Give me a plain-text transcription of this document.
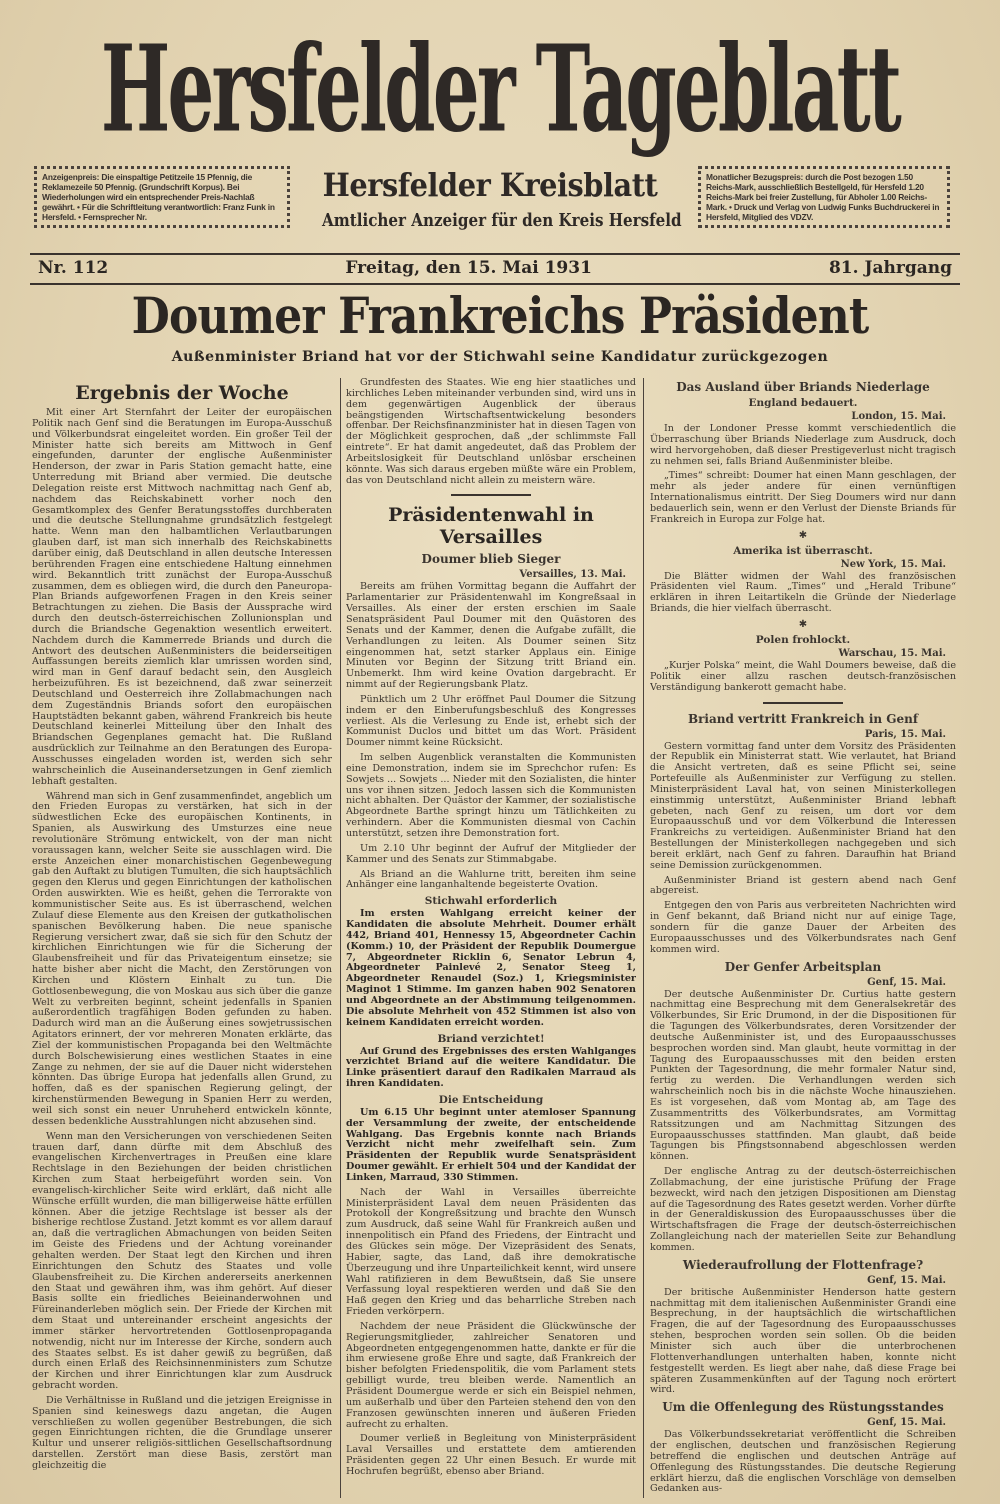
Hersfelder Tageblatt
Anzeigenpreis: Die einspaltige Petitzeile 15 Pfennig, die Reklamezeile 50 Pfennig. (Grundschrift Korpus). Bei Wiederholungen wird ein entsprechender Preis-Nachlaß gewährt. • Für die Schriftleitung verantwortlich: Franz Funk in Hersfeld. • Fernsprecher Nr.
Hersfelder Kreisblatt
Amtlicher Anzeiger für den Kreis Hersfeld
Monatlicher Bezugspreis: durch die Post bezogen 1.50 Reichs-Mark, ausschließlich Bestellgeld, für Hersfeld 1.20 Reichs-Mark bei freier Zustellung, für Abholer 1.00 Reichs-Mark. • Druck und Verlag von Ludwig Funks Buchdruckerei in Hersfeld, Mitglied des VDZV.
Nr. 112	Freitag, den 15. Mai 1931	81. Jahrgang
Doumer Frankreichs Präsident
Außenminister Briand hat vor der Stichwahl seine Kandidatur zurückgezogen
Ergebnis der Woche

Mit einer Art Sternfahrt der Leiter der europäischen Politik nach Genf sind die Beratungen im Europa-Ausschuß und Völkerbundsrat eingeleitet worden. Ein großer Teil der Minister hatte sich bereits am Mittwoch in Genf eingefunden, darunter der englische Außenminister Henderson, der zwar in Paris Station gemacht hatte, eine Unterredung mit Briand aber vermied. Die deutsche Delegation reiste erst Mittwoch nachmittag nach Genf ab, nachdem das Reichskabinett vorher noch den Gesamtkomplex des Genfer Beratungsstoffes durchberaten und die deutsche Stellungnahme grundsätzlich festgelegt hatte. Wenn man den halbamtlichen Verlautbarungen glauben darf, ist man sich innerhalb des Reichskabinetts darüber einig, daß Deutschland in allen deutsche Interessen berührenden Fragen eine entschiedene Haltung einnehmen wird. Bekanntlich tritt zunächst der Europa-Ausschuß zusammen, dem es obliegen wird, die durch den Paneuropa-Plan Briands aufgeworfenen Fragen in den Kreis seiner Betrachtungen zu ziehen. Die Basis der Aussprache wird durch den deutsch-österreichischen Zollunionsplan und durch die Briandsche Gegenaktion wesentlich erweitert. Nachdem durch die Kammerrede Briands und durch die Antwort des deutschen Außenministers die beiderseitigen Auffassungen bereits ziemlich klar umrissen worden sind, wird man in Genf darauf bedacht sein, den Ausgleich herbeizuführen. Es ist bezeichnend, daß zwar seinerzeit Deutschland und Oesterreich ihre Zollabmachungen nach dem Zugeständnis Briands sofort den europäischen Hauptstädten bekannt gaben, während Frankreich bis heute Deutschland keinerlei Mitteilung über den Inhalt des Briandschen Gegenplanes gemacht hat. Die Rußland ausdrücklich zur Teilnahme an den Beratungen des Europa-Ausschusses eingeladen worden ist, werden sich sehr wahrscheinlich die Auseinandersetzungen in Genf ziemlich lebhaft gestalten.

Während man sich in Genf zusammenfindet, angeblich um den Frieden Europas zu verstärken, hat sich in der südwestlichen Ecke des europäischen Kontinents, in Spanien, als Auswirkung des Umsturzes eine neue revolutionäre Strömung entwickelt, von der man nicht voraussagen kann, welcher Seite sie ausschlagen wird. Die erste Anzeichen einer monarchistischen Gegenbewegung gab den Auftakt zu blutigen Tumulten, die sich hauptsächlich gegen den Klerus und gegen Einrichtungen der katholischen Orden auswirkten. Wie es heißt, gehen die Terrorakte von kommunistischer Seite aus. Es ist überraschend, welchen Zulauf diese Elemente aus den Kreisen der gutkatholischen spanischen Bevölkerung haben. Die neue spanische Regierung versichert zwar, daß sie sich für den Schutz der kirchlichen Einrichtungen wie für die Sicherung der Glaubensfreiheit und für das Privateigentum einsetze; sie hatte bisher aber nicht die Macht, den Zerstörungen von Kirchen und Klöstern Einhalt zu tun. Die Gottlosenbewegung, die von Moskau aus sich über die ganze Welt zu verbreiten beginnt, scheint jedenfalls in Spanien außerordentlich tragfähigen Boden gefunden zu haben. Dadurch wird man an die Äußerung eines sowjetrussischen Agitators erinnert, der vor mehreren Monaten erklärte, das Ziel der kommunistischen Propaganda bei den Weltmächte durch Bolschewisierung eines westlichen Staates in eine Zange zu nehmen, der sie auf die Dauer nicht widerstehen könnten. Das übrige Europa hat jedenfalls allen Grund, zu hoffen, daß es der spanischen Regierung gelingt, der kirchenstürmenden Bewegung in Spanien Herr zu werden, weil sich sonst ein neuer Unruheherd entwickeln könnte, dessen bedenkliche Ausstrahlungen nicht abzusehen sind.

Wenn man den Versicherungen von verschiedenen Seiten trauen darf, dann dürfte mit dem Abschluß des evangelischen Kirchenvertrages in Preußen eine klare Rechtslage in den Beziehungen der beiden christlichen Kirchen zum Staat herbeigeführt worden sein. Von evangelisch-kirchlicher Seite wird erklärt, daß nicht alle Wünsche erfüllt wurden, die man billigerweise hätte erfüllen können. Aber die jetzige Rechtslage ist besser als der bisherige rechtlose Zustand. Jetzt kommt es vor allem darauf an, daß die vertraglichen Abmachungen von beiden Seiten im Geiste des Friedens und der Achtung voreinander gehalten werden. Der Staat legt den Kirchen und ihren Einrichtungen den Schutz des Staates und volle Glaubensfreiheit zu. Die Kirchen andererseits anerkennen den Staat und gewähren ihm, was ihm gehört. Auf dieser Basis sollte ein friedliches Beieinanderwohnen und Füreinanderleben möglich sein. Der Friede der Kirchen mit dem Staat und untereinander erscheint angesichts der immer stärker hervortretenden Gottlosenpropaganda notwendig, nicht nur im Interesse der Kirche, sondern auch des Staates selbst. Es ist daher gewiß zu begrüßen, daß durch einen Erlaß des Reichsinnenministers zum Schutze der Kirchen und ihrer Einrichtungen klar zum Ausdruck gebracht worden.

Die Verhältnisse in Rußland und die jetzigen Ereignisse in Spanien sind keineswegs dazu angetan, die Augen verschließen zu wollen gegenüber Bestrebungen, die sich gegen Einrichtungen richten, die die Grundlage unserer Kultur und unserer religiös-sittlichen Gesellschaftsordnung darstellen. Zerstört man diese Basis, zerstört man gleichzeitig die

Grundfesten des Staates. Wie eng hier staatliches und kirchliches Leben miteinander verbunden sind, wird uns in dem gegenwärtigen Augenblick der überaus beängstigenden Wirtschaftsentwickelung besonders offenbar. Der Reichsfinanzminister hat in diesen Tagen von der Möglichkeit gesprochen, daß „der schlimmste Fall eintrete“. Er hat damit angedeutet, daß das Problem der Arbeitslosigkeit für Deutschland unlösbar erscheinen könnte. Was sich daraus ergeben müßte wäre ein Problem, das von Deutschland nicht allein zu meistern wäre.

Präsidentenwahl in Versailles
Doumer blieb Sieger
Versailles, 13. Mai.

Bereits am frühen Vormittag begann die Auffahrt der Parlamentarier zur Präsidentenwahl im Kongreßsaal in Versailles. Als einer der ersten erschien im Saale Senatspräsident Paul Doumer mit den Quästoren des Senats und der Kammer, denen die Aufgabe zufällt, die Verhandlungen zu leiten. Als Doumer seinen Sitz eingenommen hat, setzt starker Applaus ein. Einige Minuten vor Beginn der Sitzung tritt Briand ein. Unbemerkt. Ihm wird keine Ovation dargebracht. Er nimmt auf der Regierungsbank Platz.

Pünktlich um 2 Uhr eröffnet Paul Doumer die Sitzung indem er den Einberufungsbeschluß des Kongresses verliest. Als die Verlesung zu Ende ist, erhebt sich der Kommunist Duclos und bittet um das Wort. Präsident Doumer nimmt keine Rücksicht.

Im selben Augenblick veranstalten die Kommunisten eine Demonstration, indem sie im Sprechchor rufen: Es Sowjets ... Sowjets ... Nieder mit den Sozialisten, die hinter uns vor ihnen sitzen. Jedoch lassen sich die Kommunisten nicht abhalten. Der Quästor der Kammer, der sozialistische Abgeordnete Barthe springt hinzu um Tätlichkeiten zu verhindern. Aber die Kommunisten diesmal von Cachin unterstützt, setzen ihre Demonstration fort.

Um 2.10 Uhr beginnt der Aufruf der Mitglieder der Kammer und des Senats zur Stimmabgabe.

Als Briand an die Wahlurne tritt, bereiten ihm seine Anhänger eine langanhaltende begeisterte Ovation.

Stichwahl erforderlich

Im ersten Wahlgang erreicht keiner der Kandidaten die absolute Mehrheit. Doumer erhält 442, Briand 401, Hennessy 15, Abgeordneter Cachin (Komm.) 10, der Präsident der Republik Doumergue 7, Abgeordneter Ricklin 6, Senator Lebrun 4, Abgeordneter Painlevé 2, Senator Steeg 1, Abgeordneter Renaudel (Soz.) 1, Kriegsminister Maginot 1 Stimme. Im ganzen haben 902 Senatoren und Abgeordnete an der Abstimmung teilgenommen. Die absolute Mehrheit von 452 Stimmen ist also von keinem Kandidaten erreicht worden.

Briand verzichtet!

Auf Grund des Ergebnisses des ersten Wahlganges verzichtet Briand auf die weitere Kandidatur. Die Linke präsentiert darauf den Radikalen Marraud als ihren Kandidaten.

Die Entscheidung

Um 6.15 Uhr beginnt unter atemloser Spannung der Versammlung der zweite, der entscheidende Wahlgang. Das Ergebnis konnte nach Briands Verzicht nicht mehr zweifelhaft sein. Zum Präsidenten der Republik wurde Senatspräsident Doumer gewählt. Er erhielt 504 und der Kandidat der Linken, Marraud, 330 Stimmen.

Nach der Wahl in Versailles überreichte Ministerpräsident Laval dem neuen Präsidenten das Protokoll der Kongreßsitzung und brachte den Wunsch zum Ausdruck, daß seine Wahl für Frankreich außen und innenpolitisch ein Pfand des Friedens, der Eintracht und des Glückes sein möge. Der Vizepräsident des Senats, Habier, sagte, das Land, daß ihre demokratische Überzeugung und ihre Unparteilichkeit kennt, wird unsere Wahl ratifizieren in dem Bewußtsein, daß Sie unsere Verfassung loyal respektieren werden und daß Sie den Haß gegen den Krieg und das beharrliche Streben nach Frieden verkörpern.

Nachdem der neue Präsident die Glückwünsche der Regierungsmitglieder, zahlreicher Senatoren und Abgeordneten entgegengenommen hatte, dankte er für die ihm erwiesene große Ehre und sagte, daß Frankreich der bisher befolgten Friedenspolitik, die vom Parlament stets gebilligt wurde, treu bleiben werde. Namentlich an Präsident Doumergue werde er sich ein Beispiel nehmen, um außerhalb und über den Parteien stehend den von den Franzosen gewünschten inneren und äußeren Frieden aufrecht zu erhalten.

Doumer verließ in Begleitung von Ministerpräsident Laval Versailles und erstattete dem amtierenden Präsidenten gegen 22 Uhr einen Besuch. Er wurde mit Hochrufen begrüßt, ebenso aber Briand.

Das Ausland über Briands Niederlage
England bedauert.
London, 15. Mai.

In der Londoner Presse kommt verschiedentlich die Überraschung über Briands Niederlage zum Ausdruck, doch wird hervorgehoben, daß dieser Prestigeverlust nicht tragisch zu nehmen sei, falls Briand Außenminister bleibe.

„Times“ schreibt: Doumer hat einen Mann geschlagen, der mehr als jeder andere für einen vernünftigen Internationalismus eintritt. Der Sieg Doumers wird nur dann bedauerlich sein, wenn er den Verlust der Dienste Briands für Frankreich in Europa zur Folge hat.

✱
Amerika ist überrascht.
New York, 15. Mai.

Die Blätter widmen der Wahl des französischen Präsidenten viel Raum. „Times“ und „Herald Tribune“ erklären in ihren Leitartikeln die Gründe der Niederlage Briands, die hier vielfach überrascht.

✱
Polen frohlockt.
Warschau, 15. Mai.

„Kurjer Polska“ meint, die Wahl Doumers beweise, daß die Politik einer allzu raschen deutsch-französischen Verständigung bankerott gemacht habe.

Briand vertritt Frankreich in Genf
Paris, 15. Mai.

Gestern vormittag fand unter dem Vorsitz des Präsidenten der Republik ein Ministerrat statt. Wie verlautet, hat Briand die Ansicht vertreten, daß es seine Pflicht sei, seine Portefeuille als Außenminister zur Verfügung zu stellen. Ministerpräsident Laval hat, von seinen Ministerkollegen einstimmig unterstützt, Außenminister Briand lebhaft gebeten, nach Genf zu reisen, um dort vor dem Europaausschuß und vor dem Völkerbund die Interessen Frankreichs zu verteidigen. Außenminister Briand hat den Bestellungen der Ministerkollegen nachgegeben und sich bereit erklärt, nach Genf zu fahren. Daraufhin hat Briand seine Demission zurückgenommen.

Außenminister Briand ist gestern abend nach Genf abgereist.

Entgegen den von Paris aus verbreiteten Nachrichten wird in Genf bekannt, daß Briand nicht nur auf einige Tage, sondern für die ganze Dauer der Arbeiten des Europaausschusses und des Völkerbundsrates nach Genf kommen wird.

Der Genfer Arbeitsplan
Genf, 15. Mai.

Der deutsche Außenminister Dr. Curtius hatte gestern nachmittag eine Besprechung mit dem Generalsekretär des Völkerbundes, Sir Eric Drumond, in der die Dispositionen für die Tagungen des Völkerbundsrates, deren Vorsitzender der deutsche Außenminister ist, und des Europaausschusses besprochen worden sind. Man glaubt, heute vormittag in der Tagung des Europaausschusses mit den beiden ersten Punkten der Tagesordnung, die mehr formaler Natur sind, fertig zu werden. Die Verhandlungen werden sich wahrscheinlich noch bis in die nächste Woche hinausziehen. Es ist vorgesehen, daß vom Montag ab, am Tage des Zusammentritts des Völkerbundsrates, am Vormittag Ratssitzungen und am Nachmittag Sitzungen des Europaausschusses stattfinden. Man glaubt, daß beide Tagungen bis Pfingstsonnabend abgeschlossen werden können.

Der englische Antrag zu der deutsch-österreichischen Zollabmachung, der eine juristische Prüfung der Frage bezweckt, wird nach den jetzigen Dispositionen am Dienstag auf die Tagesordnung des Rates gesetzt werden. Vorher dürfte in der Generaldiskussion des Europaausschusses über die Wirtschaftsfragen die Frage der deutsch-österreichischen Zollangleichung nach der materiellen Seite zur Behandlung kommen.

Wiederaufrollung der Flottenfrage?
Genf, 15. Mai.

Der britische Außenminister Henderson hatte gestern nachmittag mit dem italienischen Außenminister Grandi eine Besprechung, in der hauptsächlich die wirtschaftlichen Fragen, die auf der Tagesordnung des Europaausschusses stehen, besprochen worden sein sollen. Ob die beiden Minister sich auch über die unterbrochenen Flottenverhandlungen unterhalten haben, konnte nicht festgestellt werden. Es liegt aber nahe, daß diese Frage bei späteren Zusammenkünften auf der Tagung noch erörtert wird.

Um die Offenlegung des Rüstungsstandes
Genf, 15. Mai.

Das Völkerbundssekretariat veröffentlicht die Schreiben der englischen, deutschen und französischen Regierung betreffend die englischen und deutschen Anträge auf Offenlegung des Rüstungsstandes. Die deutsche Regierung erklärt hierzu, daß die englischen Vorschläge von demselben Gedanken aus-
